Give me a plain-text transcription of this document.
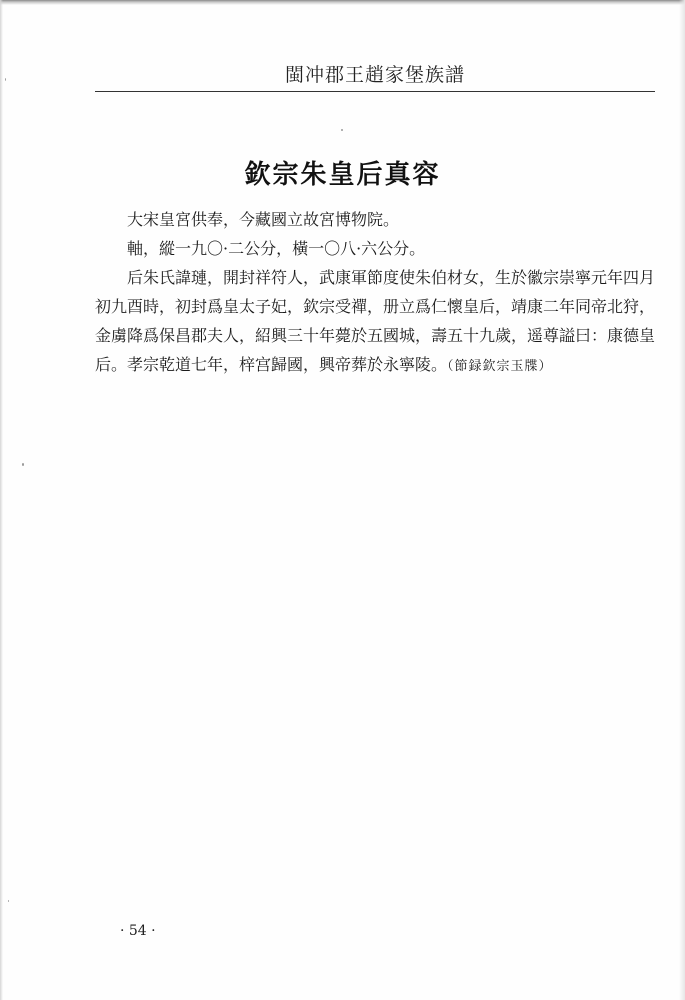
閩冲郡王趙家堡族譜
欽宗朱皇后真容

大宋皇宮供奉，今藏國立故宮博物院。

軸，縱一九〇·二公分，橫一〇八·六公分。

后朱氏諱璉，開封祥符人，武康軍節度使朱伯材女，生於徽宗崇寧元年四月初九酉時，初封爲皇太子妃，欽宗受禪，册立爲仁懷皇后，靖康二年同帝北狩，金虜降爲保昌郡夫人，紹興三十年薨於五國城，壽五十九歲，遥尊謚曰：康德皇后。孝宗乾道七年，梓宫歸國，興帝葬於永寧陵。（節録欽宗玉牒）

· 54 ·
